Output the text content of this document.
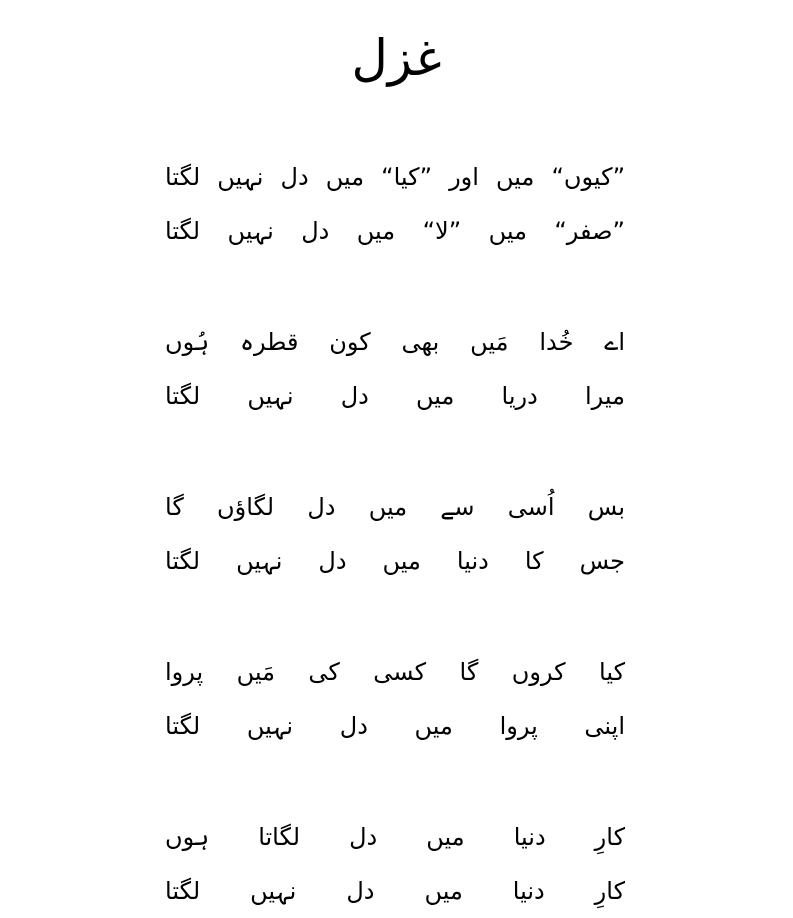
غزل
”کیوں“
میں
اور
”کیا“
میں
دل
نہیں
لگتا
”صفر“
میں
”لا“
میں
دل
نہیں
لگتا
اے
خُدا
مَیں
بھی
کون
قطرہ
ہُوں
میرا
دریا
میں
دل
نہیں
لگتا
بس
اُسی
سے
میں
دل
لگاؤں
گا
جس
کا
دنیا
میں
دل
نہیں
لگتا
کیا
کروں
گا
کسی
کی
مَیں
پروا
اپنی
پروا
میں
دل
نہیں
لگتا
کارِ
دنیا
میں
دل
لگاتا
ہوں
کارِ
دنیا
میں
دل
نہیں
لگتا
